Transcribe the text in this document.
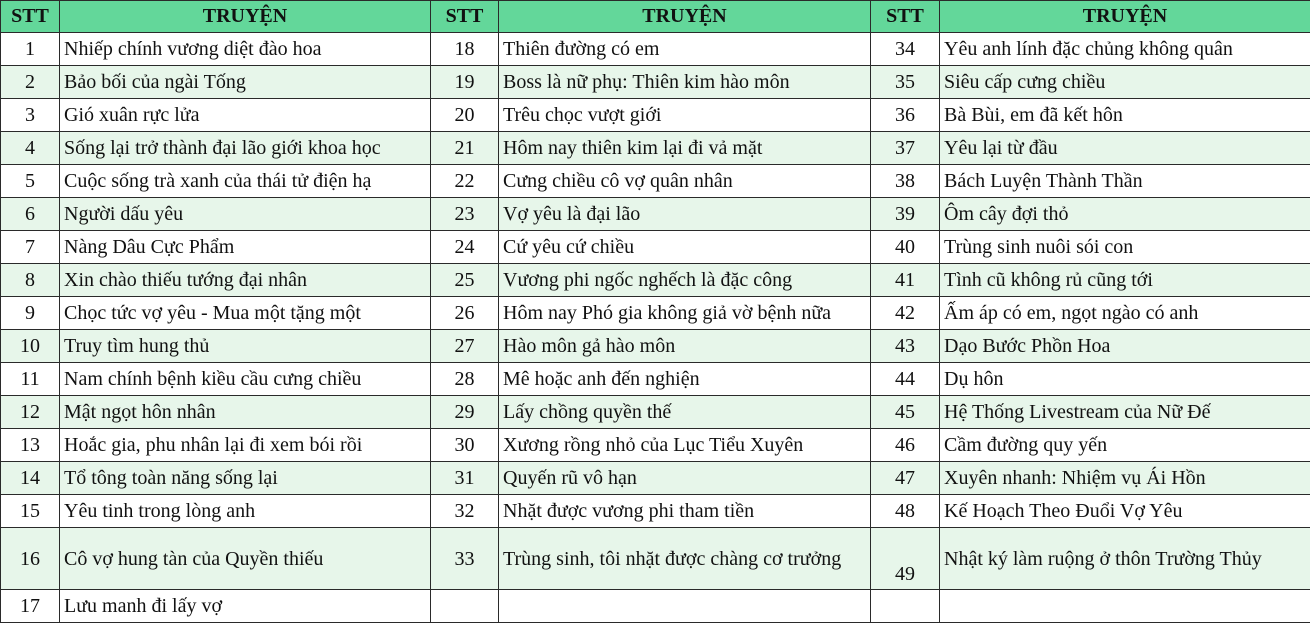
STT	TRUYỆN	STT	TRUYỆN	STT	TRUYỆN
1	Nhiếp chính vương diệt đào hoa	18	Thiên đường có em	34	Yêu anh lính đặc chủng không quân
2	Bảo bối của ngài Tống	19	Boss là nữ phụ: Thiên kim hào môn	35	Siêu cấp cưng chiều
3	Gió xuân rực lửa	20	Trêu chọc vượt giới	36	Bà Bùi, em đã kết hôn
4	Sống lại trở thành đại lão giới khoa học	21	Hôm nay thiên kim lại đi vả mặt	37	Yêu lại từ đầu
5	Cuộc sống trà xanh của thái tử điện hạ	22	Cưng chiều cô vợ quân nhân	38	Bách Luyện Thành Thần
6	Người dấu yêu	23	Vợ yêu là đại lão	39	Ôm cây đợi thỏ
7	Nàng Dâu Cực Phẩm	24	Cứ yêu cứ chiều	40	Trùng sinh nuôi sói con
8	Xin chào thiếu tướng đại nhân	25	Vương phi ngốc nghếch là đặc công	41	Tình cũ không rủ cũng tới
9	Chọc tức vợ yêu - Mua một tặng một	26	Hôm nay Phó gia không giả vờ bệnh nữa	42	Ấm áp có em, ngọt ngào có anh
10	Truy tìm hung thủ	27	Hào môn gả hào môn	43	Dạo Bước Phồn Hoa
11	Nam chính bệnh kiều cầu cưng chiều	28	Mê hoặc anh đến nghiện	44	Dụ hôn
12	Mật ngọt hôn nhân	29	Lấy chồng quyền thế	45	Hệ Thống Livestream của Nữ Đế
13	Hoắc gia, phu nhân lại đi xem bói rồi	30	Xương rồng nhỏ của Lục Tiểu Xuyên	46	Cầm đường quy yến
14	Tổ tông toàn năng sống lại	31	Quyến rũ vô hạn	47	Xuyên nhanh: Nhiệm vụ Ái Hồn
15	Yêu tinh trong lòng anh	32	Nhặt được vương phi tham tiền	48	Kế Hoạch Theo Đuổi Vợ Yêu
16	Cô vợ hung tàn của Quyền thiếu	33	Trùng sinh, tôi nhặt được chàng cơ trưởng	49	Nhật ký làm ruộng ở thôn Trường Thủy
17	Lưu manh đi lấy vợ				
